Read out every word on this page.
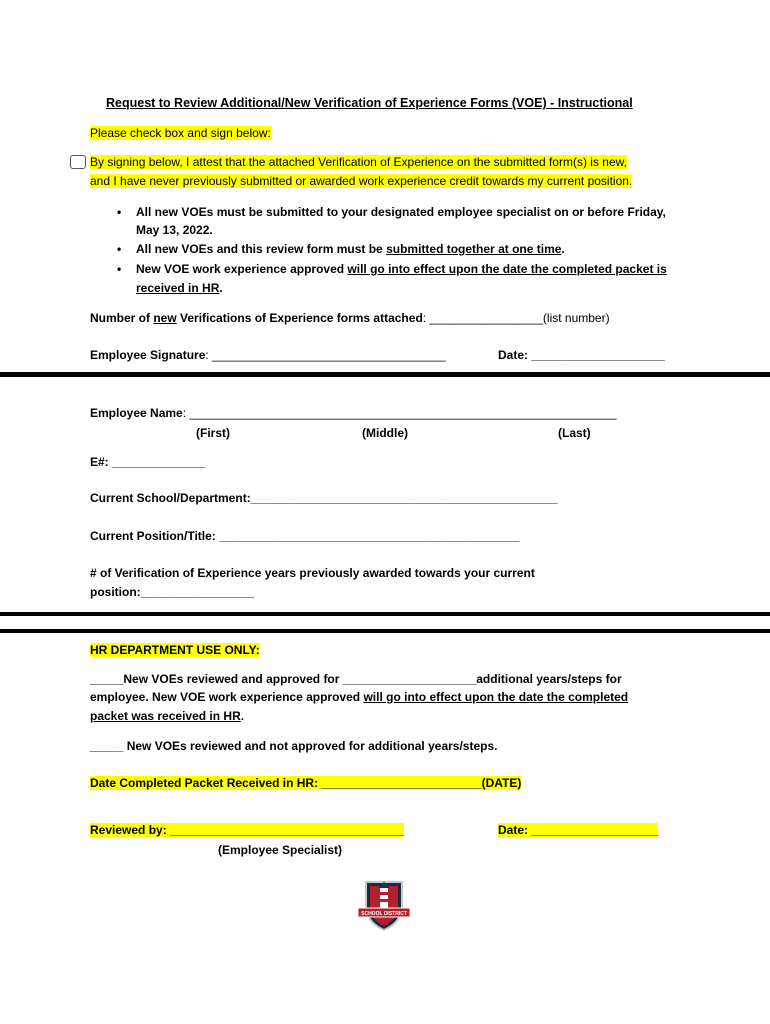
Request to Review Additional/New Verification of Experience Forms (VOE) - Instructional
Please check box and sign below:
By signing below, I attest that the attached Verification of Experience on the submitted form(s) is new,
and I have never previously submitted or awarded work experience credit towards my current position.
• All new VOEs must be submitted to your designated employee specialist on or before Friday,
May 13, 2022.
• All new VOEs and this review form must be submitted together at one time.
• New VOE work experience approved will go into effect upon the date the completed packet is
received in HR.
Number of new Verifications of Experience forms attached: _________________(list number)
Employee Signature: ___________________________________	Date: ____________________
Employee Name: ________________________________________________________________
(First)	(Middle)	(Last)
E#: ______________
Current School/Department:______________________________________________
Current Position/Title: _____________________________________________
# of Verification of Experience years previously awarded towards your current
position:_________________
HR DEPARTMENT USE ONLY:
_____New VOEs reviewed and approved for ____________________additional years/steps for
employee. New VOE work experience approved will go into effect upon the date the completed
packet was received in HR.
_____ New VOEs reviewed and not approved for additional years/steps.
Date Completed Packet Received in HR: ________________________(DATE)
Reviewed by: ___________________________________	Date: ___________________
(Employee Specialist)
SCHOOL DISTRICT
